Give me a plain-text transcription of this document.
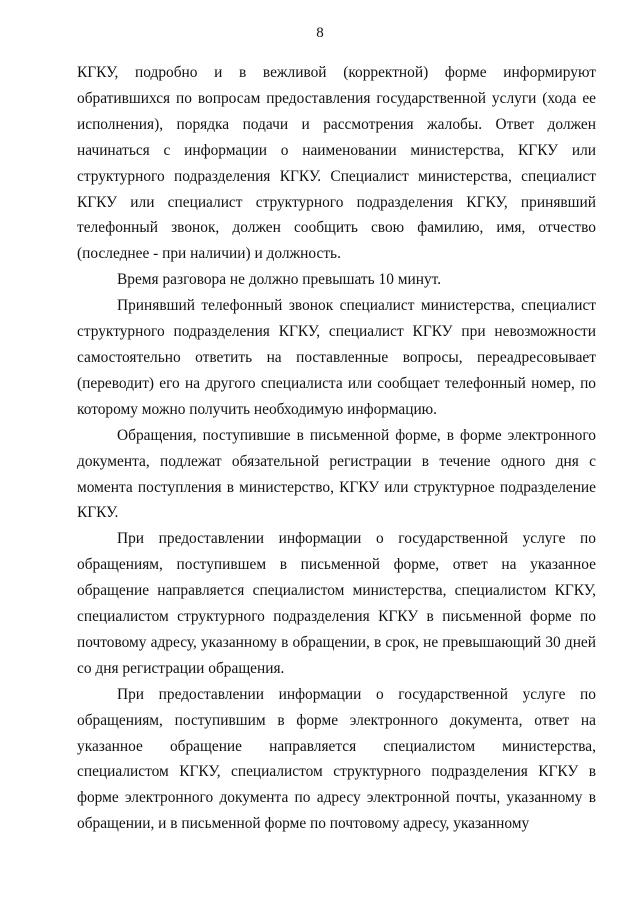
8

КГКУ, подробно и в вежливой (корректной) форме информируют обратившихся по вопросам предоставления государственной услуги (хода ее исполнения), порядка подачи и рассмотрения жалобы. Ответ должен начинаться с информации о наименовании министерства, КГКУ или структурного подразделения КГКУ. Специалист министерства, специалист КГКУ или специалист структурного подразделения КГКУ, принявший телефонный звонок, должен сообщить свою фамилию, имя, отчество (последнее - при наличии) и должность.

Время разговора не должно превышать 10 минут.

Принявший телефонный звонок специалист министерства, специалист структурного подразделения КГКУ, специалист КГКУ при невозможности самостоятельно ответить на поставленные вопросы, переадресовывает (переводит) его на другого специалиста или сообщает телефонный номер, по которому можно получить необходимую информацию.

Обращения, поступившие в письменной форме, в форме электронного документа, подлежат обязательной регистрации в течение одного дня с момента поступления в министерство, КГКУ или структурное подразделение КГКУ.

При предоставлении информации о государственной услуге по обращениям, поступившем в письменной форме, ответ на указанное обращение направляется специалистом министерства, специалистом КГКУ, специалистом структурного подразделения КГКУ в письменной форме по почтовому адресу, указанному в обращении, в срок, не превышающий 30 дней со дня регистрации обращения.

При предоставлении информации о государственной услуге по обращениям, поступившим в форме электронного документа, ответ на указанное обращение направляется специалистом министерства, специалистом КГКУ, специалистом структурного подразделения КГКУ в форме электронного документа по адресу электронной почты, указанному в обращении, и в письменной форме по почтовому адресу, указанному
